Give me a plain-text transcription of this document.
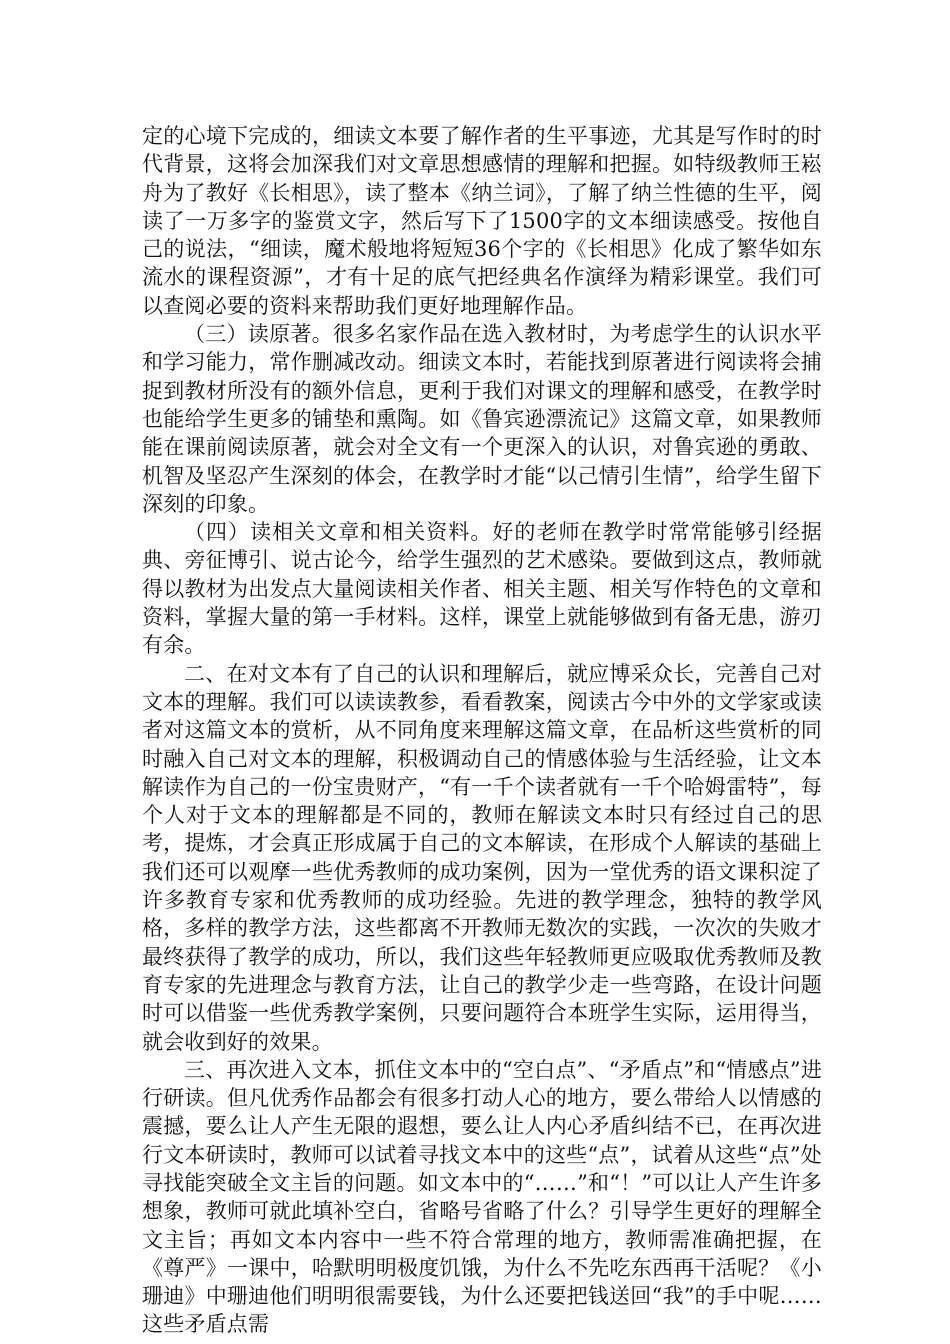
定的心境下完成的，细读文本要了解作者的生平事迹，尤其是写作时的时代背景，这将会加深我们对文章思想感情的理解和把握。如特级教师王崧舟为了教好《长相思》，读了整本《纳兰词》，了解了纳兰性德的生平，阅读了一万多字的鉴赏文字，然后写下了1500字的文本细读感受。按他自己的说法，“细读，魔术般地将短短36个字的《长相思》化成了繁华如东流水的课程资源”，才有十足的底气把经典名作演绎为精彩课堂。我们可以查阅必要的资料来帮助我们更好地理解作品。

（三）读原著。很多名家作品在选入教材时，为考虑学生的认识水平和学习能力，常作删减改动。细读文本时，若能找到原著进行阅读将会捕捉到教材所没有的额外信息，更利于我们对课文的理解和感受，在教学时也能给学生更多的铺垫和熏陶。如《鲁宾逊漂流记》这篇文章，如果教师能在课前阅读原著，就会对全文有一个更深入的认识，对鲁宾逊的勇敢、机智及坚忍产生深刻的体会，在教学时才能“以己情引生情”，给学生留下深刻的印象。

（四）读相关文章和相关资料。好的老师在教学时常常能够引经据典、旁征博引、说古论今，给学生强烈的艺术感染。要做到这点，教师就得以教材为出发点大量阅读相关作者、相关主题、相关写作特色的文章和资料，掌握大量的第一手材料。这样，课堂上就能够做到有备无患，游刃有余。

二、在对文本有了自己的认识和理解后，就应博采众长，完善自己对文本的理解。我们可以读读教参，看看教案，阅读古今中外的文学家或读者对这篇文本的赏析，从不同角度来理解这篇文章，在品析这些赏析的同时融入自己对文本的理解，积极调动自己的情感体验与生活经验，让文本解读作为自己的一份宝贵财产，“有一千个读者就有一千个哈姆雷特”，每个人对于文本的理解都是不同的，教师在解读文本时只有经过自己的思考，提炼，才会真正形成属于自己的文本解读，在形成个人解读的基础上我们还可以观摩一些优秀教师的成功案例，因为一堂优秀的语文课积淀了许多教育专家和优秀教师的成功经验。先进的教学理念，独特的教学风格，多样的教学方法，这些都离不开教师无数次的实践，一次次的失败才最终获得了教学的成功，所以，我们这些年轻教师更应吸取优秀教师及教育专家的先进理念与教育方法，让自己的教学少走一些弯路，在设计问题时可以借鉴一些优秀教学案例，只要问题符合本班学生实际，运用得当，就会收到好的效果。

三、再次进入文本，抓住文本中的“空白点”、“矛盾点”和“情感点”进行研读。但凡优秀作品都会有很多打动人心的地方，要么带给人以情感的震撼，要么让人产生无限的遐想，要么让人内心矛盾纠结不已，在再次进行文本研读时，教师可以试着寻找文本中的这些“点”，试着从这些“点”处寻找能突破全文主旨的问题。如文本中的“……”和“！”可以让人产生许多想象，教师可就此填补空白，省略号省略了什么？引导学生更好的理解全文主旨；再如文本内容中一些不符合常理的地方，教师需准确把握，在《尊严》一课中，哈默明明极度饥饿，为什么不先吃东西再干活呢？《小珊迪》中珊迪他们明明很需要钱，为什么还要把钱送回“我”的手中呢……这些矛盾点需
